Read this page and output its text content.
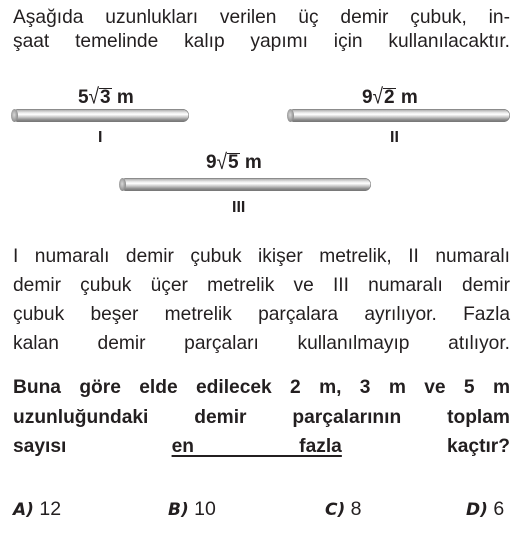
Aşağıda uzunlukları verilen üç demir çubuk, in-
şaat temelinde kalıp yapımı için kullanılacaktır.
5√3 m
I
9√2 m
II
9√5 m
III
I numaralı demir çubuk ikişer metrelik, II numaralı
demir çubuk üçer metrelik ve III numaralı demir
çubuk beşer metrelik parçalara ayrılıyor. Fazla
kalan demir parçaları kullanılmayıp atılıyor.
Buna göre elde edilecek 2 m, 3 m ve 5 m
uzunluğundaki demir parçalarının toplam
sayısı en fazla kaçtır?
A) 12	B) 10	C) 8	D) 6
